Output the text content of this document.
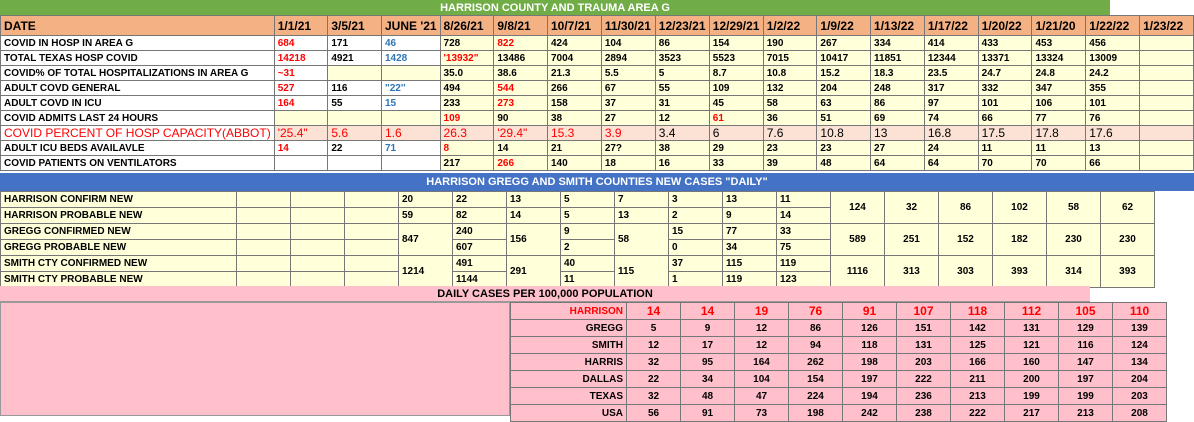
HARRISON COUNTY AND TRAUMA AREA G
DATE	1/1/21	3/5/21	JUNE '21	8/26/21	9/8/21	10/7/21	11/30/21	12/23/21	12/29/21	1/2/22	1/9/22	1/13/22	1/17/22	1/20/22	1/21/20	1/22/22	1/23/22
COVID IN HOSP IN AREA G	684	171	46	728	822	424	104	86	154	190	267	334	414	433	453	456	
TOTAL TEXAS HOSP COVID	14218	4921	1428	'13932"	13486	7004	2894	3523	5523	7015	10417	11851	12344	13371	13324	13009	
COVID% OF TOTAL HOSPITALIZATIONS IN AREA G	~31			35.0	38.6	21.3	5.5	5	8.7	10.8	15.2	18.3	23.5	24.7	24.8	24.2	
ADULT COVD GENERAL	527	116	"22''	494	544	266	67	55	109	132	204	248	317	332	347	355	
ADULT COVD IN ICU	164	55	15	233	273	158	37	31	45	58	63	86	97	101	106	101	
COVID ADMITS LAST 24 HOURS				109	90	38	27	12	61	36	51	69	74	66	77	76	
COVID PERCENT OF HOSP CAPACITY(ABBOT)	'25.4"	5.6	1.6	26.3	'29.4"	15.3	3.9	3.4	6	7.6	10.8	13	16.8	17.5	17.8	17.6	
ADULT ICU BEDS AVAILAVLE	14	22	71	8	14	21	27?	38	29	23	23	27	24	11	11	13	
COVID PATIENTS ON VENTILATORS				217	266	140	18	16	33	39	48	64	64	70	70	66	
HARRISON GREGG AND SMITH COUNTIES NEW CASES "DAILY"
HARRISON CONFIRM NEW				20	22	13	5	7	3	13	11	124	32	86	102	58	62
HARRISON PROBABLE NEW				59	82	14	5	13	2	9	14						
GREGG CONFIRMED NEW				847	240	156	9	58	15	77	33	589	251	152	182	230	230
GREGG PROBABLE NEW					607		2		0	34	75						
SMITH CTY CONFIRMED NEW				1214	491	291	40	115	37	115	119	1116	313	303	393	314	393
SMITH CTY PROBABLE NEW					1144		11		1	119	123						
DAILY CASES PER 100,000 POPULATION
HARRISON	14	14	19	76	91	107	118	112	105	110
GREGG	5	9	12	86	126	151	142	131	129	139
SMITH	12	17	12	94	118	131	125	121	116	124
HARRIS	32	95	164	262	198	203	166	160	147	134
DALLAS	22	34	104	154	197	222	211	200	197	204
TEXAS	32	48	47	224	194	236	213	199	199	203
USA	56	91	73	198	242	238	222	217	213	208
